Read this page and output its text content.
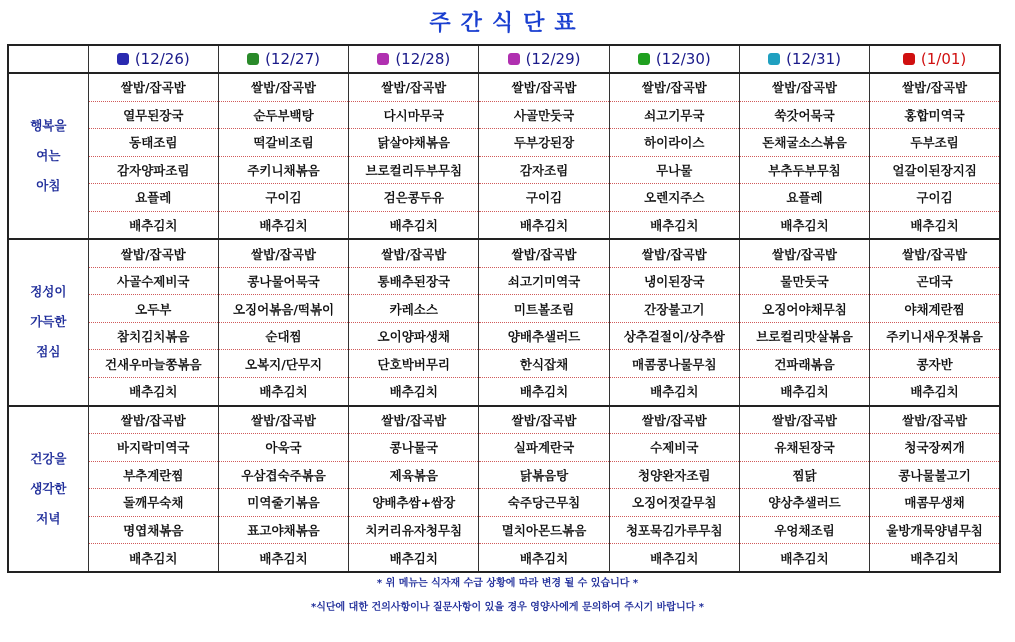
주간식단표
	(12/26)	(12/27)	(12/28)	(12/29)	(12/30)	(12/31)	(1/01)

행복을
여는
아침	쌀밥/잡곡밥	쌀밥/잡곡밥	쌀밥/잡곡밥	쌀밥/잡곡밥	쌀밥/잡곡밥	쌀밥/잡곡밥	쌀밥/잡곡밥
	열무된장국	순두부백탕	다시마무국	사골만둣국	쇠고기무국	쑥갓어묵국	홍합미역국
	동태조림	떡갈비조림	닭살야채볶음	두부강된장	하이라이스	돈채굴소스볶음	두부조림
	감자양파조림	주키니채볶음	브로컬리두부무침	감자조림	무나물	부추두부무침	얼갈이된장지짐
	요플레	구이김	검은콩두유	구이김	오렌지주스	요플레	구이김
	배추김치	배추김치	배추김치	배추김치	배추김치	배추김치	배추김치

정성이
가득한
점심	쌀밥/잡곡밥	쌀밥/잡곡밥	쌀밥/잡곡밥	쌀밥/잡곡밥	쌀밥/잡곡밥	쌀밥/잡곡밥	쌀밥/잡곡밥
	사골수제비국	콩나물어묵국	통배추된장국	쇠고기미역국	냉이된장국	물만둣국	곤대국
	오두부	오징어볶음/떡볶이	카레소스	미트볼조림	간장불고기	오징어야채무침	야채계란찜
	참치김치볶음	순대찜	오이양파생채	양배추샐러드	상추겉절이/상추쌈	브로컬리맛살볶음	주키니새우젓볶음
	건새우마늘쫑볶음	오복지/단무지	단호박버무리	한식잡채	매콤콩나물무침	건파래볶음	콩자반
	배추김치	배추김치	배추김치	배추김치	배추김치	배추김치	배추김치

건강을
생각한
저녁	쌀밥/잡곡밥	쌀밥/잡곡밥	쌀밥/잡곡밥	쌀밥/잡곡밥	쌀밥/잡곡밥	쌀밥/잡곡밥	쌀밥/잡곡밥
	바지락미역국	아욱국	콩나물국	실파계란국	수제비국	유채된장국	청국장찌개
	부추계란찜	우삼겹숙주볶음	제육볶음	닭볶음탕	청양완자조림	찜닭	콩나물불고기
	돌깨무숙채	미역줄기볶음	양배추쌈+쌈장	숙주당근무침	오징어젓갈무침	양상추샐러드	매콤무생채
	명엽채볶음	표고야채볶음	치커리유자청무침	멸치아몬드볶음	청포묵김가루무침	우엉채조림	울방개묵양념무침
	배추김치	배추김치	배추김치	배추김치	배추김치	배추김치	배추김치
* 위 메뉴는 식자재 수급 상황에 따라 변경 될 수 있습니다 *
*식단에 대한 건의사항이나 질문사항이 있을 경우 영양사에게 문의하여 주시기 바랍니다 *
